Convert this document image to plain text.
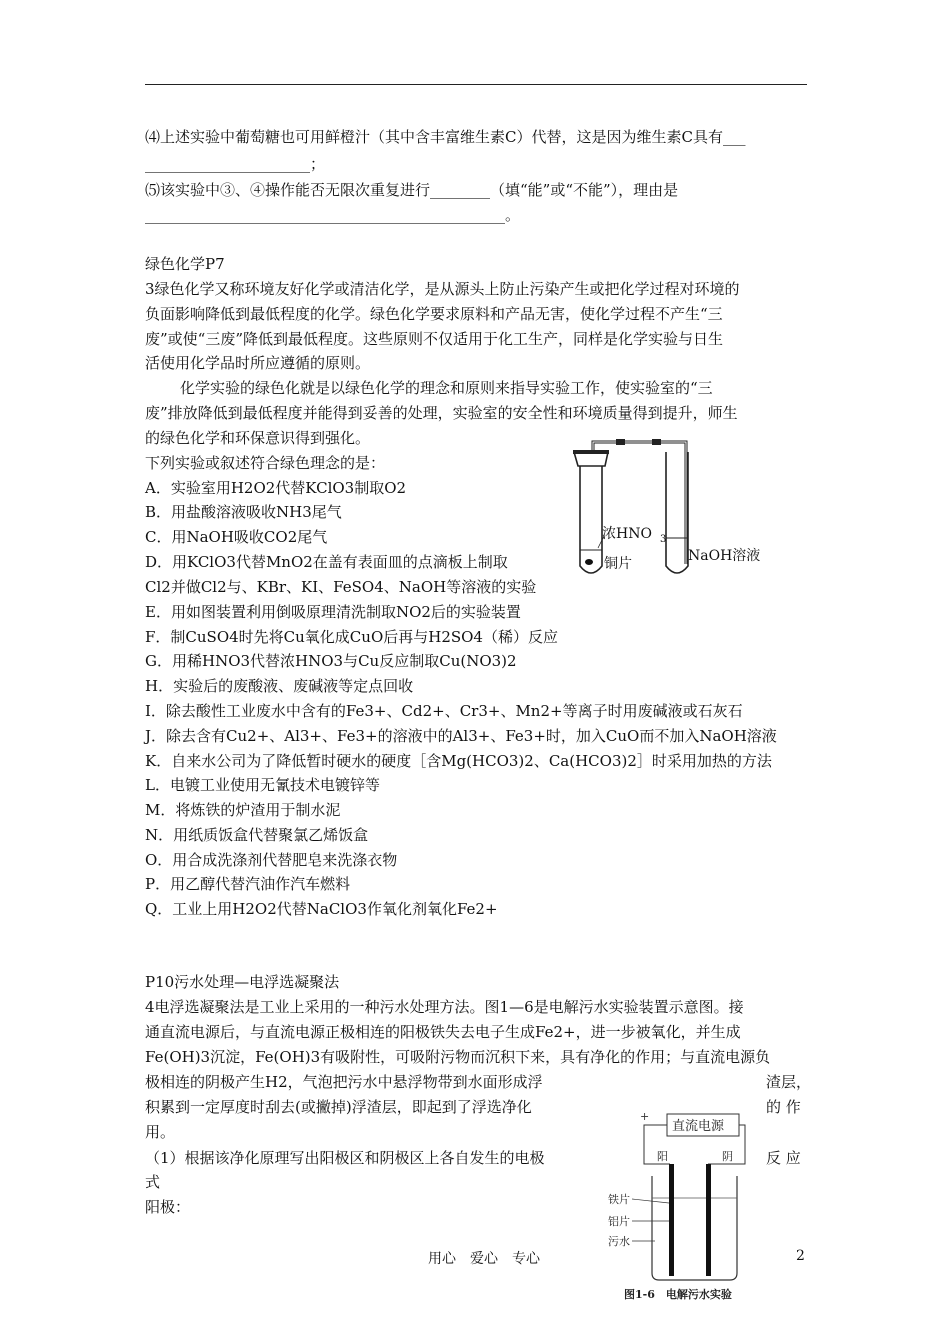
⑷上述实验中葡萄糖也可用鲜橙汁（其中含丰富维生素C）代替，这是因为维生素C具有___
______________________；
⑸该实验中③、④操作能否无限次重复进行________（填“能”或“不能”），理由是
________________________________________________。
绿色化学P7
3绿色化学又称环境友好化学或清洁化学，是从源头上防止污染产生或把化学过程对环境的
负面影响降低到最低程度的化学。绿色化学要求原料和产品无害，使化学过程不产生“三
废”或使“三废”降低到最低程度。这些原则不仅适用于化工生产，同样是化学实验与日生
活使用化学品时所应遵循的原则。
化学实验的绿色化就是以绿色化学的理念和原则来指导实验工作，使实验室的“三
废”排放降低到最低程度并能得到妥善的处理，实验室的安全性和环境质量得到提升，师生
的绿色化学和环保意识得到强化。
下列实验或叙述符合绿色理念的是：
A．实验室用H2O2代替KClO3制取O2
B．用盐酸溶液吸收NH3尾气
C．用NaOH吸收CO2尾气
D．用KClO3代替MnO2在盖有表面皿的点滴板上制取
Cl2并做Cl2与、KBr、KI、FeSO4、NaOH等溶液的实验
E．用如图装置利用倒吸原理清洗制取NO2后的实验装置
F．制CuSO4时先将Cu氧化成CuO后再与H2SO4（稀）反应
G．用稀HNO3代替浓HNO3与Cu反应制取Cu(NO3)2
H．实验后的废酸液、废碱液等定点回收
I．除去酸性工业废水中含有的Fe3+、Cd2+、Cr3+、Mn2+等离子时用废碱液或石灰石
J．除去含有Cu2+、Al3+、Fe3+的溶液中的Al3+、Fe3+时，加入CuO而不加入NaOH溶液
K．自来水公司为了降低暂时硬水的硬度［含Mg(HCO3)2、Ca(HCO3)2］时采用加热的方法
L．电镀工业使用无氰技术电镀锌等
M．将炼铁的炉渣用于制水泥
N．用纸质饭盒代替聚氯乙烯饭盒
O．用合成洗涤剂代替肥皂来洗涤衣物
P．用乙醇代替汽油作汽车燃料
Q．工业上用H2O2代替NaClO3作氧化剂氧化Fe2+
浓HNO 3
铜片	NaOH溶液
P10污水处理—电浮选凝聚法
4电浮选凝聚法是工业上采用的一种污水处理方法。图1—6是电解污水实验装置示意图。接
通直流电源后，与直流电源正极相连的阳极铁失去电子生成Fe2+，进一步被氧化，并生成
Fe(OH)3沉淀，Fe(OH)3有吸附性，可吸附污物而沉积下来，具有净化的作用；与直流电源负
极相连的阴极产生H2，气泡把污水中悬浮物带到水面形成浮	渣层，
积累到一定厚度时刮去(或撇掉)浮渣层，即起到了浮选净化	的 作
用。
（1）根据该净化原理写出阳极区和阴极区上各自发生的电极	反 应
式
阳极：
+
直流电源
阳	阴
铁片
铝片
污水
图1-6　电解污水实验
用心　爱心　专心	2
